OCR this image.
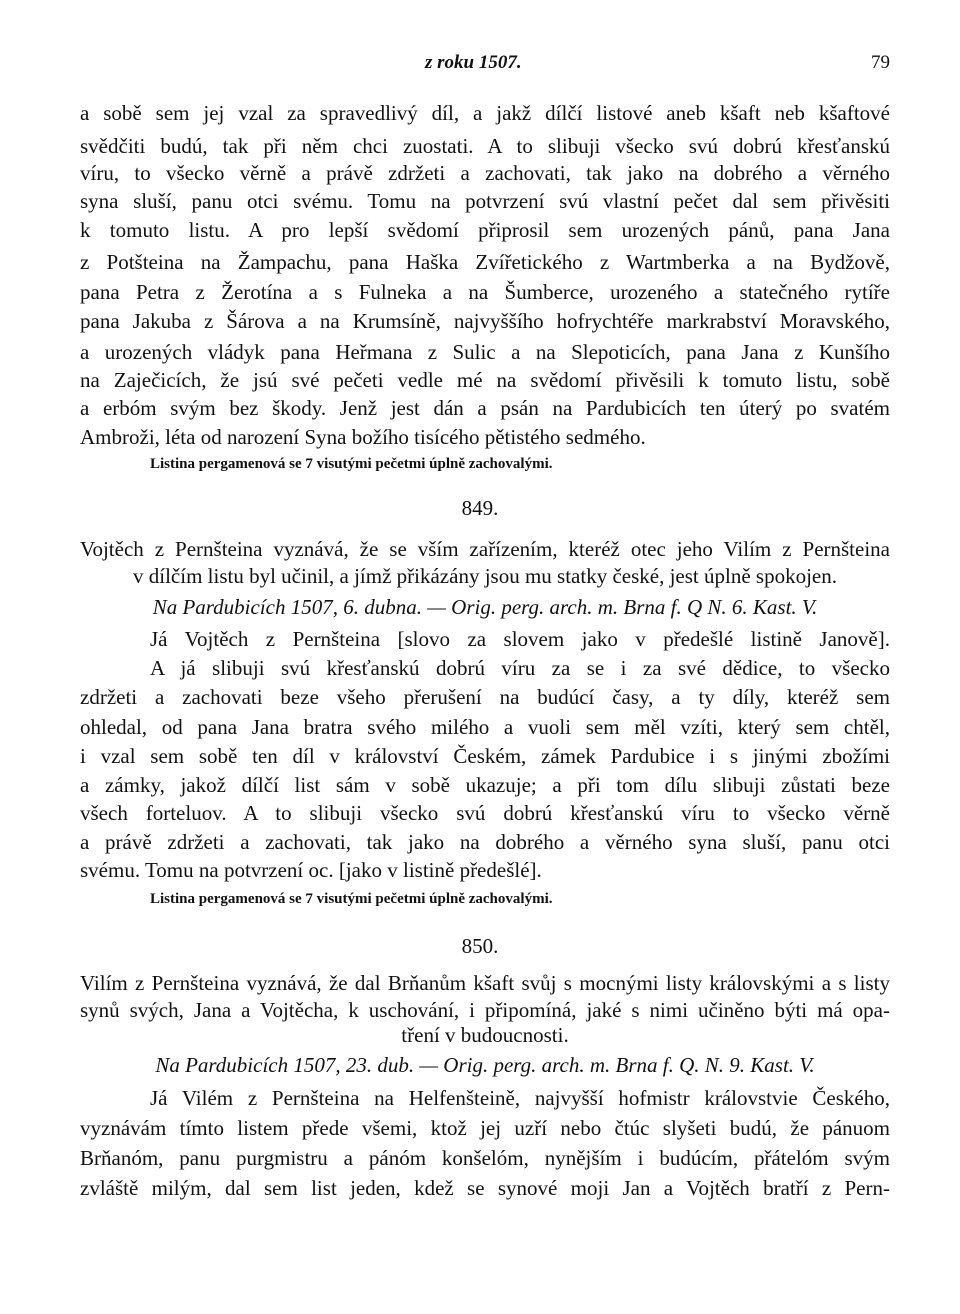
z roku 1507.	79
a sobě sem jej vzal za spravedlivý díl, a jakž dílčí listové aneb kšaft neb kšaftové
svědčiti budú, tak při něm chci zuostati. A to slibuji všecko svú dobrú křesťanskú
víru, to všecko věrně a právě zdržeti a zachovati, tak jako na dobrého a věrného
syna sluší, panu otci svému. Tomu na potvrzení svú vlastní pečet dal sem přivěsiti
k tomuto listu. A pro lepší svědomí připrosil sem urozených pánů, pana Jana
z Potšteina na Žampachu, pana Haška Zvířetického z Wartmberka a na Bydžově,
pana Petra z Žerotína a s Fulneka a na Šumberce, urozeného a statečného rytíře
pana Jakuba z Šárova a na Krumsíně, najvyššího hofrychtéře markrabství Moravského,
a urozených vládyk pana Heřmana z Sulic a na Slepoticích, pana Jana z Kunšího
na Zaječicích, že jsú své pečeti vedle mé na svědomí přivěsili k tomuto listu, sobě
a erbóm svým bez škody. Jenž jest dán a psán na Pardubicích ten úterý po svatém
Ambroži, léta od narození Syna božího tisícého pětistého sedmého.
Listina pergamenová se 7 visutými pečetmi úplně zachovalými.
849.
Vojtěch z Pernšteina vyznává, že se vším zařízením, kteréž otec jeho Vilím z Pernšteina
v dílčím listu byl učinil, a jímž přikázány jsou mu statky české, jest úplně spokojen.
Na Pardubicích 1507, 6. dubna. — Orig. perg. arch. m. Brna f. Q N. 6. Kast. V.
Já Vojtěch z Pernšteina [slovo za slovem jako v předešlé listině Janově].
A já slibuji svú křesťanskú dobrú víru za se i za své dědice, to všecko
zdržeti a zachovati beze všeho přerušení na budúcí časy, a ty díly, kteréž sem
ohledal, od pana Jana bratra svého milého a vuoli sem měl vzíti, který sem chtěl,
i vzal sem sobě ten díl v království Českém, zámek Pardubice i s jinými zbožími
a zámky, jakož dílčí list sám v sobě ukazuje; a při tom dílu slibuji zůstati beze
všech forteluov. A to slibuji všecko svú dobrú křesťanskú víru to všecko věrně
a právě zdržeti a zachovati, tak jako na dobrého a věrného syna sluší, panu otci
svému. Tomu na potvrzení oc. [jako v listině předešlé].
Listina pergamenová se 7 visutými pečetmi úplně zachovalými.
850.
Vilím z Pernšteina vyznává, že dal Brňanům kšaft svůj s mocnými listy královskými a s listy
synů svých, Jana a Vojtěcha, k uschování, i připomíná, jaké s nimi učiněno býti má opa-
tření v budoucnosti.
Na Pardubicích 1507, 23. dub. — Orig. perg. arch. m. Brna f. Q. N. 9. Kast. V.
Já Vilém z Pernšteina na Helfenšteině, najvyšší hofmistr královstvie Českého,
vyznávám tímto listem přede všemi, ktož jej uzří nebo čtúc slyšeti budú, že pánuom
Brňanóm, panu purgmistru a pánóm konšelóm, nynějším i budúcím, přátelóm svým
zvláště milým, dal sem list jeden, kdež se synové moji Jan a Vojtěch bratří z Pern-
